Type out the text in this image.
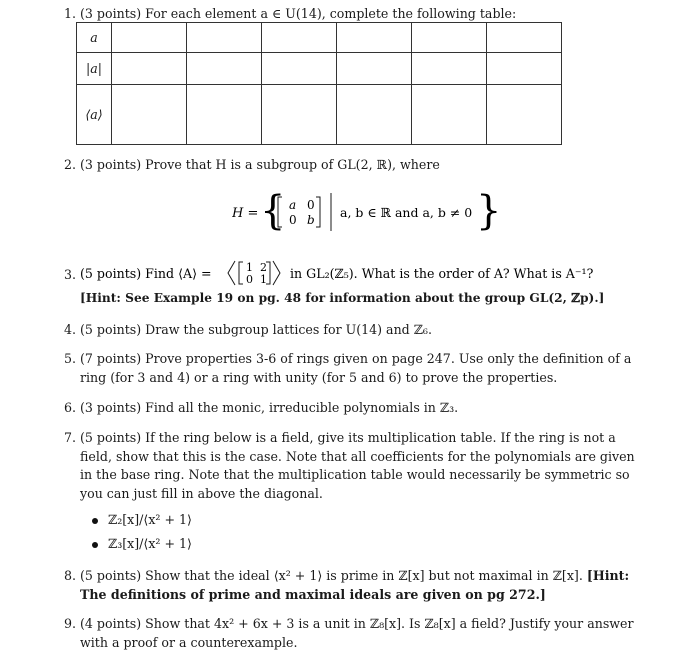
1. (3 points) For each element a ∈ U(14), complete the following table:
a						
|a|						
⟨a⟩						
2. (3 points) Prove that H is a subgroup of GL(2, ℝ), where
H = { a 0
0 b a, b ∈ ℝ and a, b ≠ 0 }
3. (5 points) Find ⟨A⟩ =	1 2
0 1 in GL₂(ℤ₅). What is the order of A? What is A⁻¹?
[Hint: See Example 19 on pg. 48 for information about the group GL(2, ℤp).]
4. (5 points) Draw the subgroup lattices for U(14) and ℤ₆.
5. (7 points) Prove properties 3-6 of rings given on page 247. Use only the definition of a ring (for 3 and 4) or a ring with unity (for 5 and 6) to prove the properties.
6. (3 points) Find all the monic, irreducible polynomials in ℤ₃.
7. (5 points) If the ring below is a field, give its multiplication table. If the ring is not a field, show that this is the case. Note that all coefficients for the polynomials are given in the base ring. Note that the multiplication table would necessarily be symmetric so you can just fill in above the diagonal.
ℤ₂[x]/⟨x² + 1⟩
ℤ₃[x]/⟨x² + 1⟩
8. (5 points) Show that the ideal ⟨x² + 1⟩ is prime in ℤ[x] but not maximal in ℤ[x]. [Hint: The definitions of prime and maximal ideals are given on pg 272.]
9. (4 points) Show that 4x² + 6x + 3 is a unit in ℤ₈[x]. Is ℤ₈[x] a field? Justify your answer with a proof or a counterexample.
